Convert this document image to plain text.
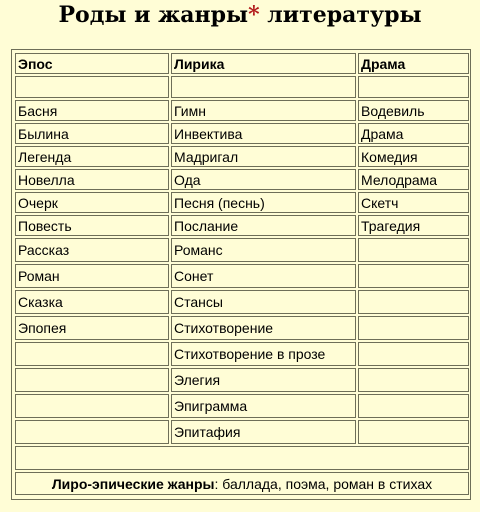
Роды и жанры* литературы
Эпос	Лирика	Драма

Басня	Гимн	Водевиль
Былина	Инвектива	Драма
Легенда	Мадригал	Комедия
Новелла	Ода	Мелодрама
Очерк	Песня (песнь)	Скетч
Повесть	Послание	Трагедия
Рассказ	Романс	
Роман	Сонет	
Сказка	Стансы	
Эпопея	Стихотворение	
	Стихотворение в прозе	
	Элегия	
	Эпиграмма	
	Эпитафия	

Лиро-эпические жанры: баллада, поэма, роман в стихах		
